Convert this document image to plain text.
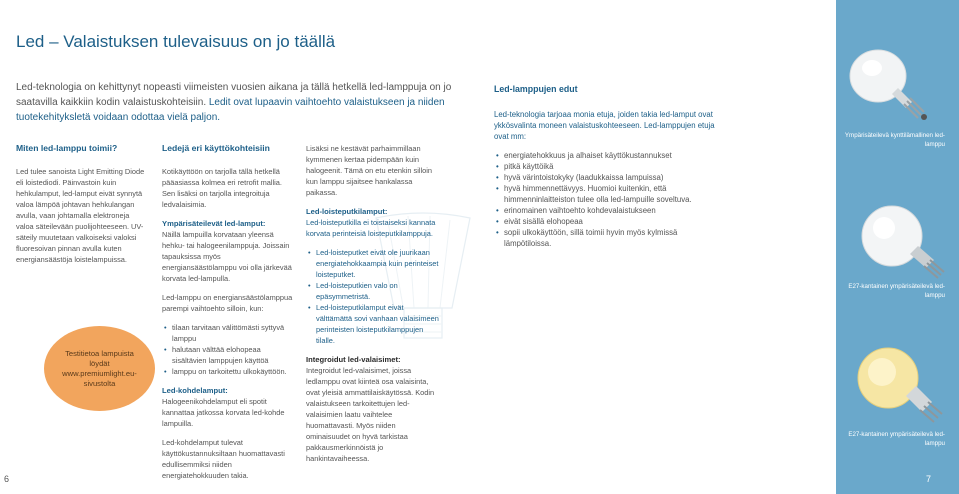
Led – Valaistuksen tulevaisuus on jo täällä
Led-teknologia on kehittynyt nopeasti viimeisten vuosien aikana ja tällä hetkellä led-lamppuja on jo saatavilla kaikkiin kodin valaistuskohteisiin. Ledit ovat lupaavin vaihtoehto valaistukseen ja niiden tuotekehityksletä voidaan odottaa vielä paljon.
Miten led-lamppu toimii?

Led tulee sanoista Light Emitting Diode eli loistediodi. Päinvastoin kuin hehkulamput, led-lamput eivät synnytä valoa lämpöä johtavan hehkulangan avulla, vaan johtamalla elektroneja valoa säteilevään puolijohteeseen. UV-säteily muutetaan valkoiseksi valoksi fluoresoivan pinnan avulla kuten energiansäästöja loistelampuissa.

Testitietoa lampuista löydät www.premiumlight.eu-sivustolta
Ledejä eri käyttökohteisiin

Kotikäyttöön on tarjolla tällä hetkellä pääasiassa kolmea eri retrofit mallia. Sen lisäksi on tarjolla integroituja ledvalaisimia.

Ympärisäteilevät led-lamput:

Näillä lampuilla korvataan yleensä hehku- tai halogeenilamppuja. Joissain tapauksissa myös energiansäästölamppu voi olla järkevää korvata led-lampulla.

Led-lamppu on energiansäästölamppua parempi vaihtoehto silloin, kun:

• tilaan tarvitaan välittömästi syttyvä lamppu
• halutaan välttää elohopeaa sisältävien lamppujen käyttöä
• lamppu on tarkoitettu ulkokäyttöön.
Led-kohdelamput:

Halogeenikohdelamput eli spotit kannattaa jatkossa korvata led-kohde lampuilla.

Led-kohdelamput tulevat käyttökustannuksiltaan huomattavasti edullisemmiksi niiden energiatehokkuuden takia.

Lisäksi ne kestävät parhaimmillaan kymmenen kertaa pidempään kuin halogeenit. Tämä on etu etenkin silloin kun lamppu sijaitsee hankalassa paikassa.

Led-loisteputkilamput:

Led-loisteputkilla ei toistaiseksi kannata korvata perinteisiä loisteputkilamppuja.

• Led-loisteputket eivät ole juurikaan energiatehokkaampia kuin perinteiset loisteputket.
• Led-loisteputkien valo on epäsymmetristä.
• Led-loisteputkilamput eivät välttämättä sovi vanhaan valaisimeen perinteisten loisteputkilamppujen tilalle.
Integroidut led-valaisimet:

Integroidut led-valaisimet, joissa ledlamppu ovat kiinteä osa valaisinta, ovat yleisiä ammattilaiskäytössä. Kodin valaistukseen tarkoitettujen led-valaisimien laatu vaihtelee huomattavasti. Myös niiden ominaisuudet on hyvä tarkistaa pakkausmerkinnöistä jo hankintavaiheessa.

Led-lamppujen edut

Led-teknologia tarjoaa monia etuja, joiden takia led-lamput ovat ykkösvalinta moneen valaistuskohteeseen. Led-lamppujen etuja ovat mm:

• energiatehokkuus ja alhaiset käyttökustannukset
• pitkä käyttöikä
• hyvä värintoistokyky (laadukkaissa lampuissa)
• hyvä himmennettävyys. Huomioi kuitenkin, että himmenninlaitteiston tulee olla led-lampuille soveltuva.
• erinomainen vaihtoehto kohdevalaistukseen
• eivät sisällä elohopeaa
• sopii ulkokäyttöön, sillä toimii hyvin myös kylmissä lämpötiloissa.
Ympärisäteilevä kynttilämallinen led-lamppu
E27-kantainen ympärisäteilevä led-lamppu
E27-kantainen ympärisäteilevä led-lamppu
6	7
